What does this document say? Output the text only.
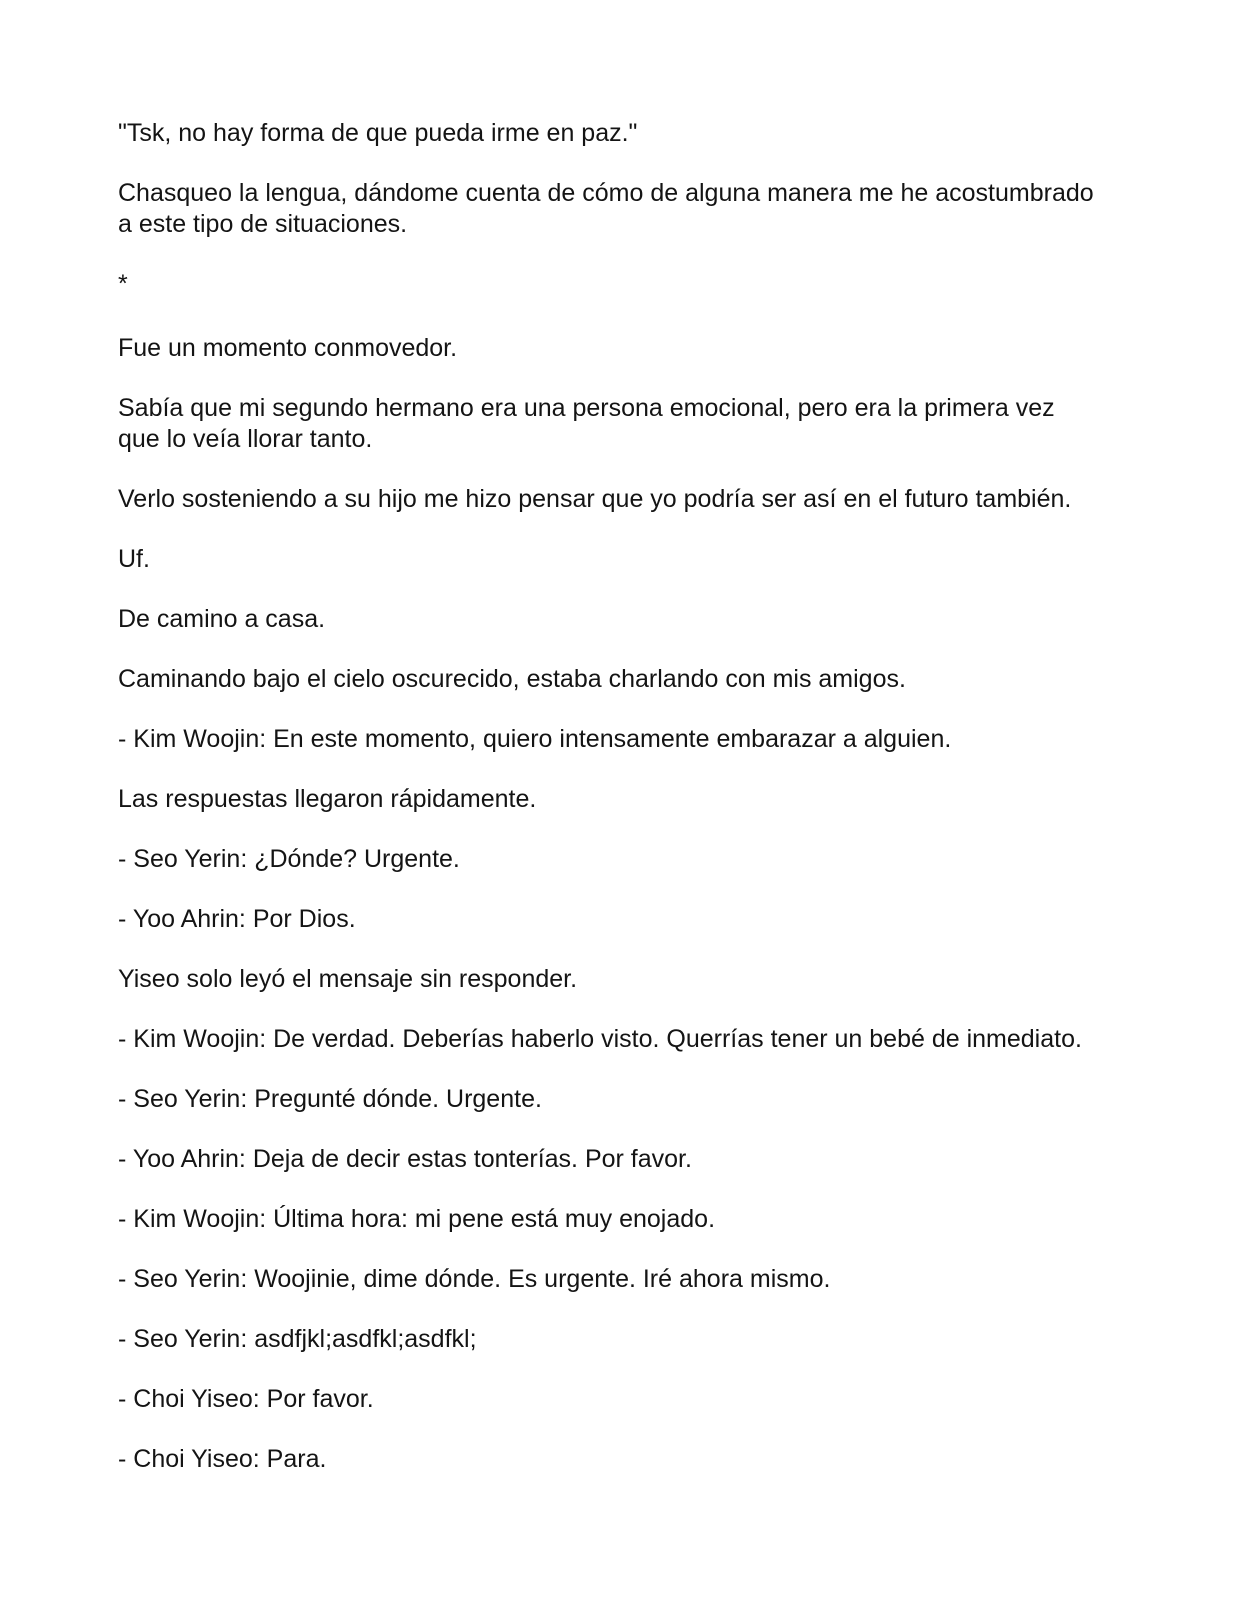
"Tsk, no hay forma de que pueda irme en paz."

Chasqueo la lengua, dándome cuenta de cómo de alguna manera me he acostumbrado a este tipo de situaciones.

*

Fue un momento conmovedor.

Sabía que mi segundo hermano era una persona emocional, pero era la primera vez que lo veía llorar tanto.

Verlo sosteniendo a su hijo me hizo pensar que yo podría ser así en el futuro también.

Uf.

De camino a casa.

Caminando bajo el cielo oscurecido, estaba charlando con mis amigos.

- Kim Woojin: En este momento, quiero intensamente embarazar a alguien.

Las respuestas llegaron rápidamente.

- Seo Yerin: ¿Dónde? Urgente.

- Yoo Ahrin: Por Dios.

Yiseo solo leyó el mensaje sin responder.

- Kim Woojin: De verdad. Deberías haberlo visto. Querrías tener un bebé de inmediato.

- Seo Yerin: Pregunté dónde. Urgente.

- Yoo Ahrin: Deja de decir estas tonterías. Por favor.

- Kim Woojin: Última hora: mi pene está muy enojado.

- Seo Yerin: Woojinie, dime dónde. Es urgente. Iré ahora mismo.

- Seo Yerin: asdfjkl;asdfkl;asdfkl;

- Choi Yiseo: Por favor.

- Choi Yiseo: Para.
